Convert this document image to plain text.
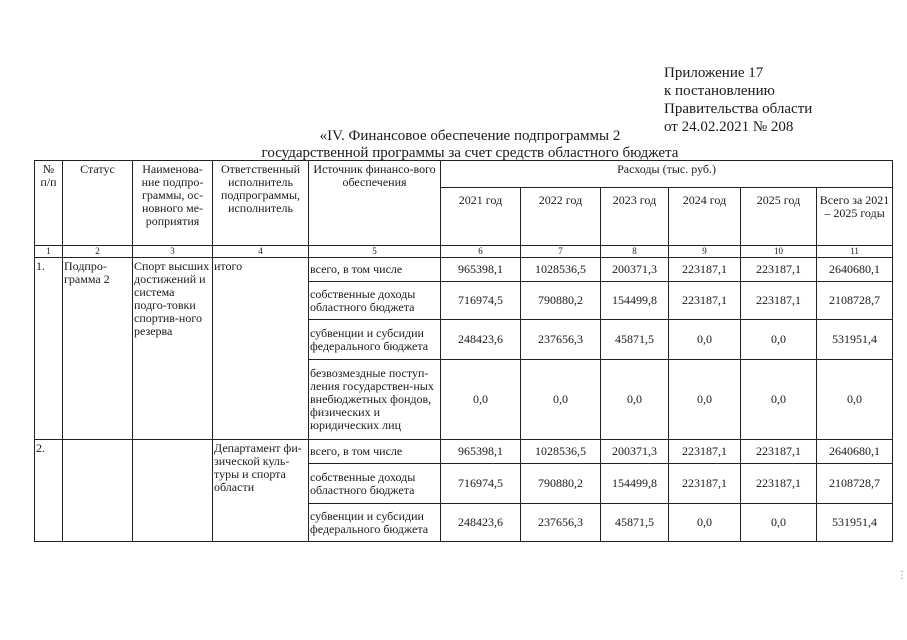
Приложение 17
к постановлению
Правительства области
от 24.02.2021 № 208
«IV. Финансовое обеспечение подпрограммы 2
государственной программы за счет средств областного бюджета
№ п/п	Статус	Наименова-ние подпро-граммы, ос-новного ме-роприятия	Ответственный исполнитель подпрограммы, исполнитель	Источник финансо-вого обеспечения	Расходы (тыс. руб.)					
					2021 год	2022 год	2023 год	2024 год	2025 год	Всего за 2021 – 2025 годы
1	2	3	4	5	6	7	8	9	10	11
1.	Подпро-грамма 2	Спорт высших достижений и система подго-товки спортив-ного резерва	итого	всего, в том числе	965398,1	1028536,5	200371,3	223187,1	223187,1	2640680,1
				собственные доходы областного бюджета	716974,5	790880,2	154499,8	223187,1	223187,1	2108728,7
				субвенции и субсидии федерального бюджета	248423,6	237656,3	45871,5	0,0	0,0	531951,4
				безвозмездные поступ-ления государствен-ных внебюджетных фондов, физических и юридических лиц	0,0	0,0	0,0	0,0	0,0	0,0
2.			Департамент фи-зической куль-туры и спорта области	всего, в том числе	965398,1	1028536,5	200371,3	223187,1	223187,1	2640680,1
				собственные доходы областного бюджета	716974,5	790880,2	154499,8	223187,1	223187,1	2108728,7
				субвенции и субсидии федерального бюджета	248423,6	237656,3	45871,5	0,0	0,0	531951,4
⋮
